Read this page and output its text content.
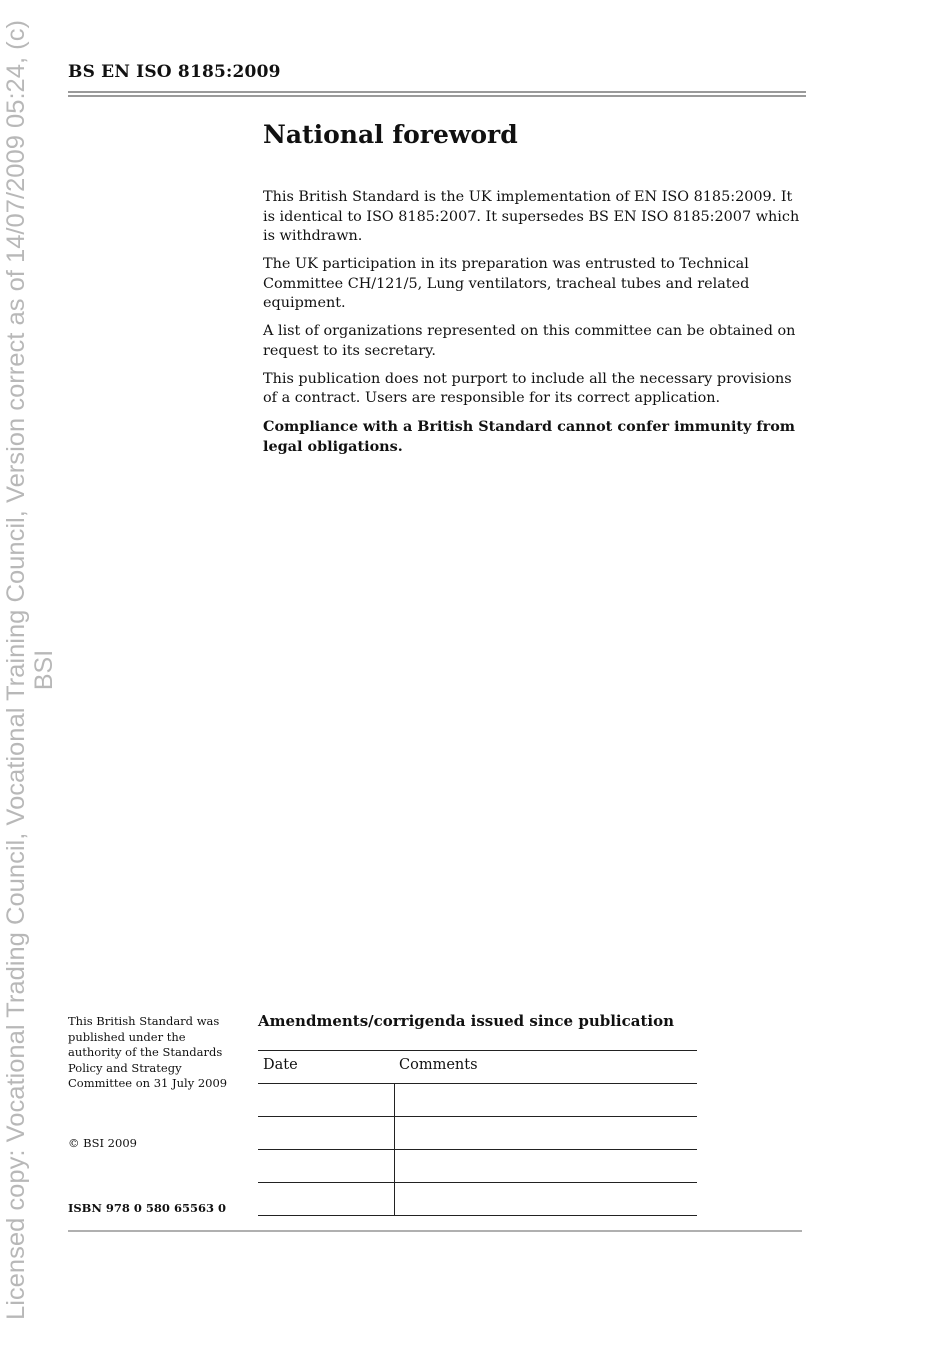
Licensed copy: Vocational Trading Council, Vocational Training Council, Version correct as of 14/07/2009 05:24, (c) BSI
BS EN ISO 8185:2009
National foreword

This British Standard is the UK implementation of EN ISO 8185:2009. It is identical to ISO 8185:2007. It supersedes BS EN ISO 8185:2007 which is withdrawn.

The UK participation in its preparation was entrusted to Technical Committee CH/121/5, Lung ventilators, tracheal tubes and related equipment.

A list of organizations represented on this committee can be obtained on request to its secretary.

This publication does not purport to include all the necessary provisions of a contract. Users are responsible for its correct application.

Compliance with a British Standard cannot confer immunity from legal obligations.

This British Standard was published under the authority of the Standards Policy and Strategy Committee on 31 July 2009
© BSI 2009
ISBN 978 0 580 65563 0
Amendments/corrigenda issued since publication
Date	Comments
